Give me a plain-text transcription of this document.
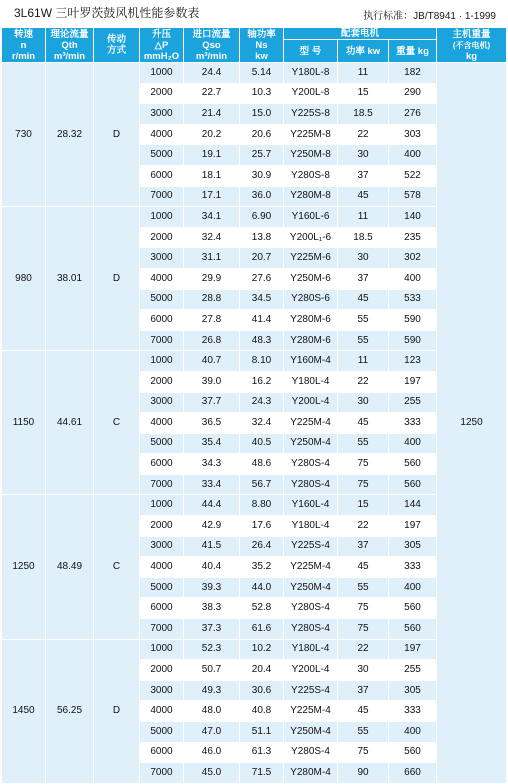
3L61W 三叶罗茨鼓风机性能参数表	执行标准：JB/T8941 · 1-1999
转速
n
r/min	理论流量
Qth
m³/min	传动
方式	升压
△P
mmH₂O	进口流量
Qso
m³/min	轴功率
Ns
kw	配套电机			主机重量
(不含电机)
kg
						型 号	功率 kw	重量 kg	
730	28.32	D	1000	24.4	5.14	Y180L-8	11	182	1250
			2000	22.7	10.3	Y200L-8	15	290	
			3000	21.4	15.0	Y225S-8	18.5	276	
			4000	20.2	20.6	Y225M-8	22	303	
			5000	19.1	25.7	Y250M-8	30	400	
			6000	18.1	30.9	Y280S-8	37	522	
			7000	17.1	36.0	Y280M-8	45	578	
980	38.01	D	1000	34.1	6.90	Y160L-6	11	140	
			2000	32.4	13.8	Y200L₁-6	18.5	235	
			3000	31.1	20.7	Y225M-6	30	302	
			4000	29.9	27.6	Y250M-6	37	400	
			5000	28.8	34.5	Y280S-6	45	533	
			6000	27.8	41.4	Y280M-6	55	590	
			7000	26.8	48.3	Y280M-6	55	590	
1150	44.61	C	1000	40.7	8.10	Y160M-4	11	123	
			2000	39.0	16.2	Y180L-4	22	197	
			3000	37.7	24.3	Y200L-4	30	255	
			4000	36.5	32.4	Y225M-4	45	333	
			5000	35.4	40.5	Y250M-4	55	400	
			6000	34.3	48.6	Y280S-4	75	560	
			7000	33.4	56.7	Y280S-4	75	560	
1250	48.49	C	1000	44.4	8.80	Y160L-4	15	144	
			2000	42.9	17.6	Y180L-4	22	197	
			3000	41.5	26.4	Y225S-4	37	305	
			4000	40.4	35.2	Y225M-4	45	333	
			5000	39.3	44.0	Y250M-4	55	400	
			6000	38.3	52.8	Y280S-4	75	560	
			7000	37.3	61.6	Y280S-4	75	560	
1450	56.25	D	1000	52.3	10.2	Y180L-4	22	197	
			2000	50.7	20.4	Y200L-4	30	255	
			3000	49.3	30.6	Y225S-4	37	305	
			4000	48.0	40.8	Y225M-4	45	333	
			5000	47.0	51.1	Y250M-4	55	400	
			6000	46.0	61.3	Y280S-4	75	560	
			7000	45.0	71.5	Y280M-4	90	660	
